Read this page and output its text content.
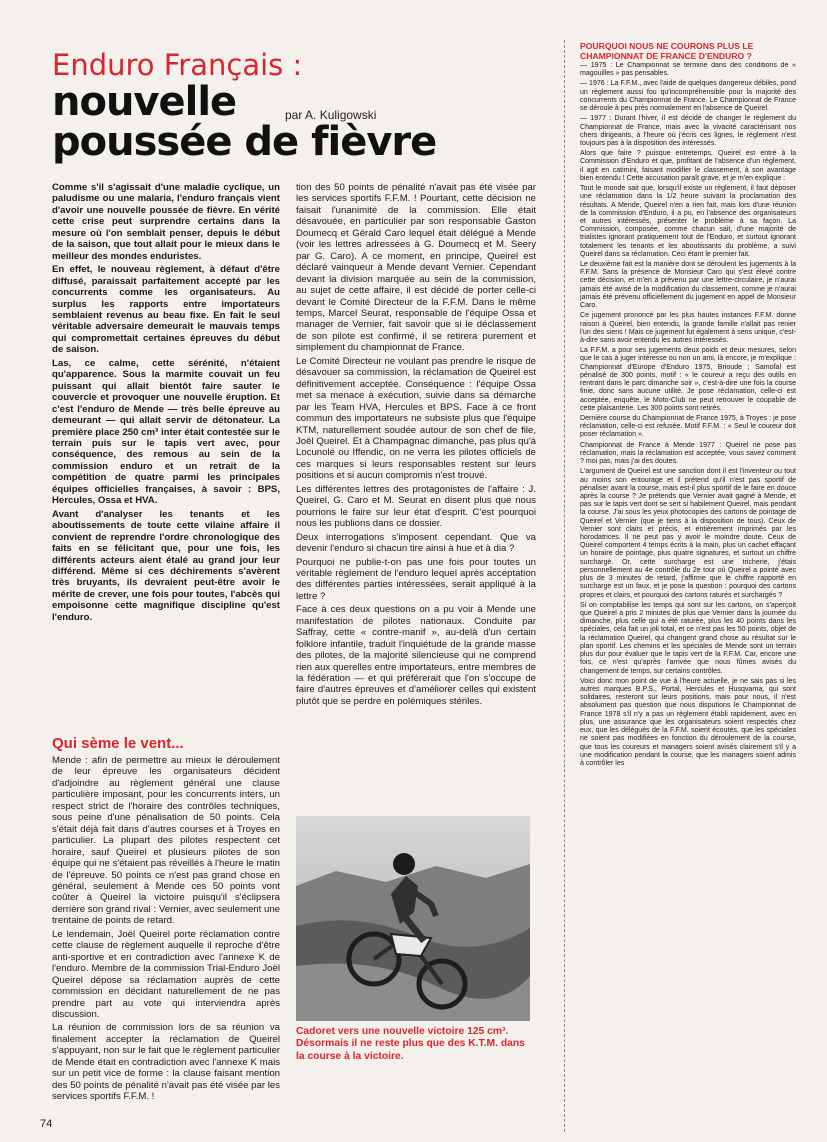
Enduro Français :
nouvelle
poussée de fièvre
par A. Kuligowski

Comme s'il s'agissait d'une maladie cyclique, un paludisme ou une malaria, l'enduro français vient d'avoir une nouvelle poussée de fièvre. En vérité cette crise peut surprendre certains dans la mesure où l'on semblait penser, depuis le début de la saison, que tout allait pour le mieux dans le meilleur des mondes enduristes.

En effet, le nouveau règlement, à défaut d'être diffusé, paraissait parfaitement accepté par les concurrents comme les organisateurs. Au surplus les rapports entre importateurs semblaient revenus au beau fixe. En fait le seul véritable adversaire demeurait le mauvais temps qui compromettait certaines épreuves du début de saison.

Las, ce calme, cette sérénité, n'étaient qu'apparence. Sous la marmite couvait un feu puissant qui allait bientôt faire sauter le couvercle et provoquer une nouvelle éruption. Et c'est l'enduro de Mende — très belle épreuve au demeurant — qui allait servir de détonateur. La première place 250 cm³ inter était contestée sur le terrain puis sur le tapis vert avec, pour conséquence, des remous au sein de la commission enduro et un retrait de la compétition de quatre parmi les principales équipes officielles françaises, à savoir : BPS, Hercules, Ossa et HVA.

Avant d'analyser les tenants et les aboutissements de toute cette vilaine affaire il convient de reprendre l'ordre chronologique des faits en se félicitant que, pour une fois, les différents acteurs aient étalé au grand jour leur différend. Même si ces déchirements s'avèrent très bruyants, ils devraient peut-être avoir le mérite de crever, une fois pour toutes, l'abcès qui empoisonne cette magnifique discipline qu'est l'enduro.

Qui sème le vent...

Mende : afin de permettre au mieux le déroulement de leur épreuve les organisateurs décident d'adjoindre au règlement général une clause particulière imposant, pour les concurrents inters, un respect strict de l'horaire des contrôles techniques, sous peine d'une pénalisation de 50 points. Cela s'était déjà fait dans d'autres courses et à Troyes en particulier. La plupart des pilotes respectent cet horaire, sauf Queirel et plusieurs pilotes de son équipe qui ne s'étaient pas réveillés à l'heure le matin de l'épreuve. 50 points ce n'est pas grand chose en général, seulement à Mende ces 50 points vont coûter à Queirel la victoire puisqu'il s'éclipsera derrière son grand rival : Vernier, avec seulement une trentaine de points de retard.

Le lendemain, Joël Queirel porte réclamation contre cette clause de règlement auquelle il reproche d'être anti-sportive et en contradiction avec l'annexe K de l'enduro. Membre de la commission Trial-Enduro Joël Queirel dépose sa réclamation auprès de cette commission en décidant naturellement de ne pas prendre part au vote qui interviendra après discussion.

La réunion de commission lors de sa réunion va finalement accepter la réclamation de Queirel s'appuyant, non sur le fait que le règlement particulier de Mende était en contradiction avec l'annexe K mais sur un petit vice de forme : la clause faisant mention des 50 points de pénalité n'avait pas été visée par les services sportifs F.F.M. !

tion des 50 points de pénalité n'avait pas été visée par les services sportifs F.F.M. ! Pourtant, cette décision ne faisait l'unanimité de la commission. Elle était désavouée, en particulier par son responsable Gaston Doumecq et Gérald Caro lequel était délégué à Mende (voir les lettres adressées à G. Doumecq et M. Seery par G. Caro). A ce moment, en principe, Queirel est déclaré vainqueur à Mende devant Vernier. Cependant devant la division marquée au sein de la commission, au sujet de cette affaire, il est décidé de porter celle-ci devant le Comité Directeur de la F.F.M. Dans le même temps, Marcel Seurat, responsable de l'équipe Ossa et manager de Vernier, fait savoir que si le déclassement de son pilote est confirmé, il se retirera purement et simplement du championnat de France.

Le Comité Directeur ne voulant pas prendre le risque de désavouer sa commission, la réclamation de Queirel est définitivement acceptée. Conséquence : l'équipe Ossa met sa menace à exécution, suivie dans sa démarche par les Team HVA, Hercules et BPS. Face à ce front commun des importateurs ne subsiste plus que l'équipe KTM, naturellement soudée autour de son chef de file, Joël Queirel. Et à Champagnac dimanche, pas plus qu'à Locunolé ou Iffendic, on ne verra les pilotes officiels de ces marques si leurs responsables restent sur leurs positions et si aucun compromis n'est trouvé.

Les différentes lettres des protagonistes de l'affaire : J. Queirel, G. Caro et M. Seurat en disent plus que nous pourrions le faire sur leur état d'esprit. C'est pourquoi nous les publions dans ce dossier.

Deux interrogations s'imposent cependant. Que va devenir l'enduro si chacun tire ainsi à hue et à dia ?

Pourquoi ne publie-t-on pas une fois pour toutes un véritable règlement de l'enduro lequel après acceptation des différentes parties intéressées, serait appliqué à la lettre ?

Face à ces deux questions on a pu voir à Mende une manifestation de pilotes nationaux. Conduite par Saffray, cette « contre-manif », au-delà d'un certain folklore infantile, traduit l'inquiétude de la grande masse des pilotes, de la majorité silencieuse qui ne comprend rien aux querelles entre importateurs, entre membres de la fédération — et qui préférerait que l'on s'occupe de faire d'autres épreuves et d'améliorer celles qui existent plutôt que se perdre en polémiques stériles.

Cadoret vers une nouvelle victoire 125 cm³. Désormais il ne reste plus que des K.T.M. dans la course à la victoire.
POURQUOI NOUS NE COURONS PLUS LE CHAMPIONNAT DE FRANCE D'ENDURO ?

— 1975 : Le Championnat se termine dans des conditions de « magouilles » pas pensables.

— 1976 : La F.F.M., avec l'aide de quelques dangereux débiles, pond un règlement aussi fou qu'incompréhensible pour la majorité des concurrents du Championnat de France. Le Championnat de France se déroule à peu près normalement en l'absence de Queirel.

— 1977 : Durant l'hiver, il est décidé de changer le règlement du Championnat de France, mais avec la vivacité caractérisant nos chers dirigeants, à l'heure où j'écris ces lignes, le règlement n'est toujours pas à la disposition des intéressés.

Alors que faire ? puisque entretemps, Queirel est entré à la Commission d'Enduro et que, profitant de l'absence d'un règlement, il agit en catimini, faisant modifier le classement, à son avantage bien entendu ! Cette accusation paraît grave, et je m'en explique :

Tout le monde sait que, lorsqu'il existe un règlement, il faut déposer une réclamation dans la 1/2 heure suivant la proclamation des résultats. A Mende, Queirel n'en a rien fait, mais lors d'une réunion de la commission d'Enduro, il a pu, en l'absence des organisateurs et autres intéressés, présenter le problème à sa façon. La Commission, composée, comme chacun sait, d'une majorité de trialistes ignorant pratiquement tout de l'Enduro, et surtout ignorant totalement les tenants et les aboutissants du problème, a suivi Queirel dans sa réclamation. Ceci étant le premier fait.

Le deuxième fait est la manière dont se déroulent les jugements à la F.F.M. Sans la présence de Monsieur Caro qui s'est élevé contre cette décision, et m'en a prévenu par une lettre-circulaire, je n'aurai jamais été avisé de la modification du classement, comme je n'aurai jamais été prévenu officiellement du jugement en appel de Monsieur Caro.

Ce jugement prononcé par les plus hautes instances F.F.M. donne raison à Queirel, bien entendu, la grande famille n'allait pas renier l'un des siens ! Mais ce jugement fut également à sens unique, c'est-à-dire sans avoir entendu les autres intéressés.

La F.F.M. a pour ses jugements deux poids et deux mesures, selon que le cas à juger intéresse ou non un ami, là encore, je m'explique : Championnat d'Europe d'Enduro 1975, Brioude ; Samofal est pénalisé de 300 points, motif : « le coureur a reçu des outils en rentrant dans le parc dimanche soir », c'est-à-dire une fois la course finie, donc sans aucune utilité. Je pose réclamation, celle-ci est acceptée, enquête, le Moto-Club ne peut retrouver le coupable de cette plaisanterie. Les 300 points sont retirés.

Dernière course du Championnat de France 1975, à Troyes : je pose réclamation, celle-ci est refusée. Motif F.F.M. : « Seul le coureur doit poser réclamation ».

Championnat de France à Mende 1977 : Queirel ne pose pas réclamation, mais la réclamation est acceptée, vous savez comment ? moi pas, mais j'ai des doutes.

L'argument de Queirel est une sanction dont il est l'inventeur ou tout au moins son entourage et il prétend qu'il n'est pas sportif de pénaliser avant la course, mais est-il plus sportif de le faire en douce après la course ? Je prétends que Vernier avait gagné à Mende, et pas sur le tapis vert dont se sert si habilement Queirel, mais pendant la course. J'ai sous les yeux photocopies des cartons de pointage de Queirel et Vernier (que je tiens à la disposition de tous). Ceux de Vernier sont clairs et précis, et entièrement imprimés par les horodatrices. Il ne peut pas y avoir le moindre doute. Ceux de Queirel comportent 4 temps écrits à la main, plus un cachet effaçant un horaire de pointage, plus quatre signatures, et surtout un chiffre surchargé. Or, cette surcharge est une tricherie, j'étais personnellement au 4e contrôle du 2e tour où Queirel a pointé avec plus de 3 minutes de retard, j'affirme que le chiffre rapporté en surcharge est un faux, et je pose la question : pourquoi des cartons propres et clairs, et pourquoi des cartons raturés et surchargés ?

Si on comptabilise les temps qui sont sur les cartons, on s'aperçoit que Queirel a pris 2 minutes de plus que Vernier dans la journée du dimanche, plus celle qui a été raturée, plus les 40 points dans les spéciales, cela fait un joli total, et ce n'est pas les 50 points, objet de la réclamation Queirel, qui changent grand chose au résultat sur le plan sportif. Les chemins et les spéciales de Mende sont un terrain plus dur pour évaluer que le tapis vert de la F.F.M. Car, encore une fois, ce n'est qu'après l'arrivée que nous fûmes avisés du changement de temps, sur certains contrôles.

Voici donc mon point de vue à l'heure actuelle, je ne sais pas si les autres marques B.P.S., Portal, Hercules et Husqvarna, qui sont solidaires, resteront sur leurs positions, mais pour nous, il n'est absolument pas question que nous disputions le Championnat de France 1978 s'il n'y a pas un règlement établi rapidement, avec en plus, une assurance que les organisateurs soient respectés chez eux, que les délégués de la F.F.M. soient écoutés, que les spéciales ne soient pas modifiées en fonction du déroulement de la course, que tous les coureurs et managers soient avisés clairement s'il y a une modification pendant la course, que les managers soient admis à contrôler les

74
